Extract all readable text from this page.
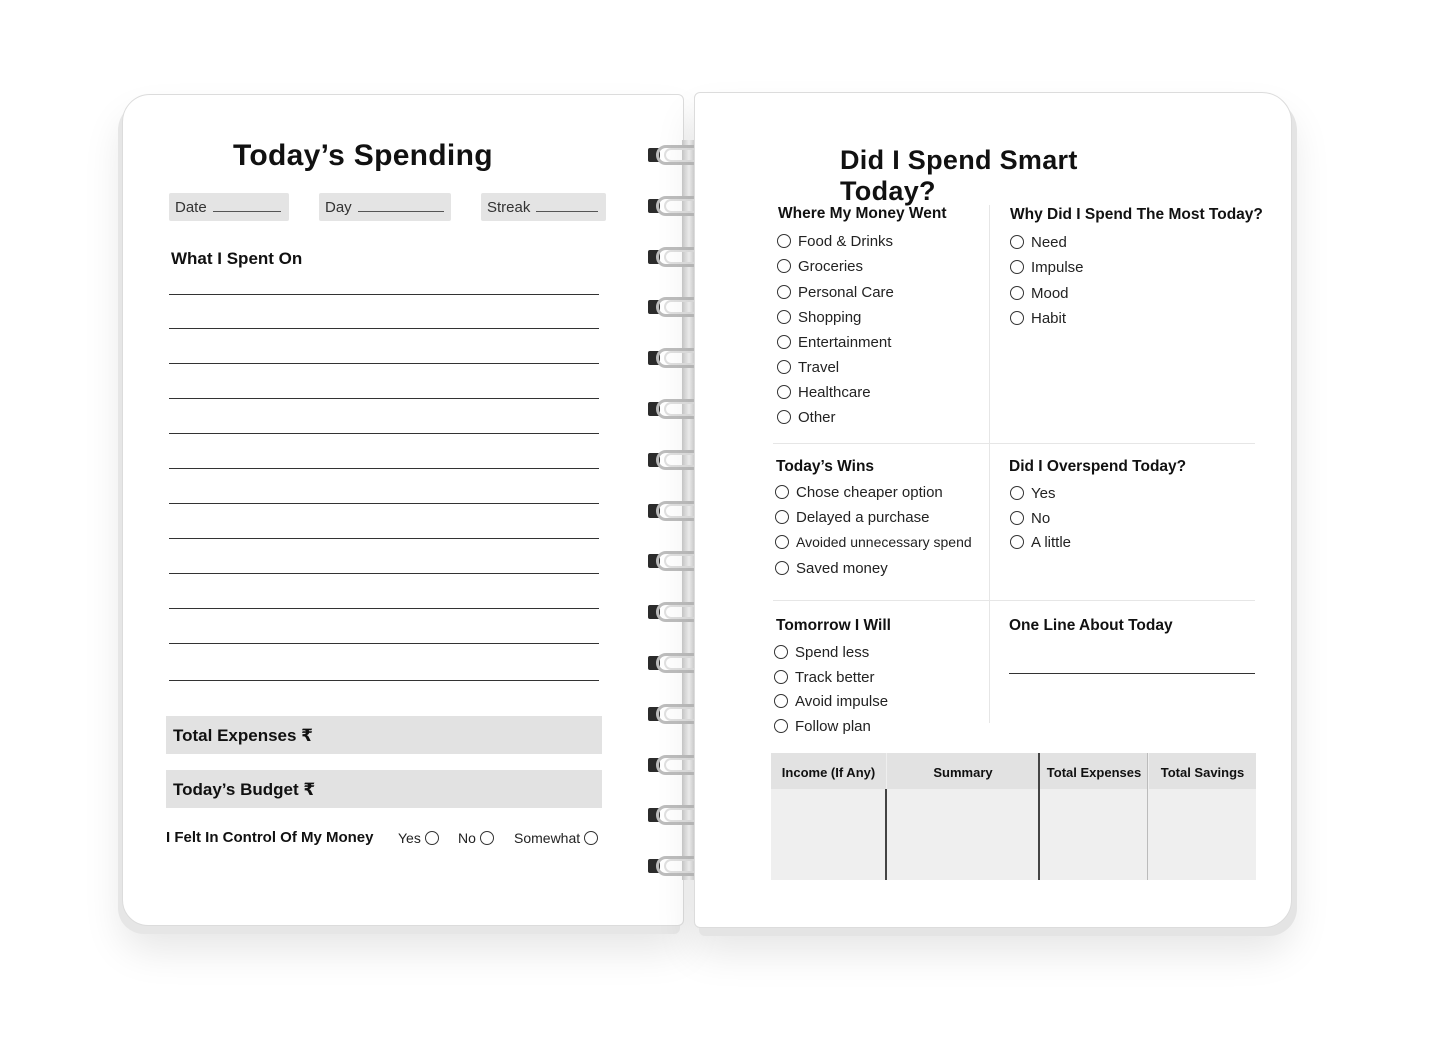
Today’s Spending
Date	Day	Streak
What I Spent On
Total Expenses ₹
Today’s Budget ₹
I Felt In Control Of My Money Yes	No	Somewhat
Did I Spend Smart Today?
Where My Money Went
Food & Drinks
Groceries
Personal Care
Shopping
Entertainment
Travel
Healthcare
Other
Why Did I Spend The Most Today?
Need
Impulse
Mood
Habit
Today’s Wins
Chose cheaper option
Delayed a purchase
Avoided unnecessary spend
Saved money
Did I Overspend Today?
Yes
No
A little
Tomorrow I Will
Spend less
Track better
Avoid impulse
Follow plan
One Line About Today
Income (If Any)	Summary	Total Expenses	Total Savings
